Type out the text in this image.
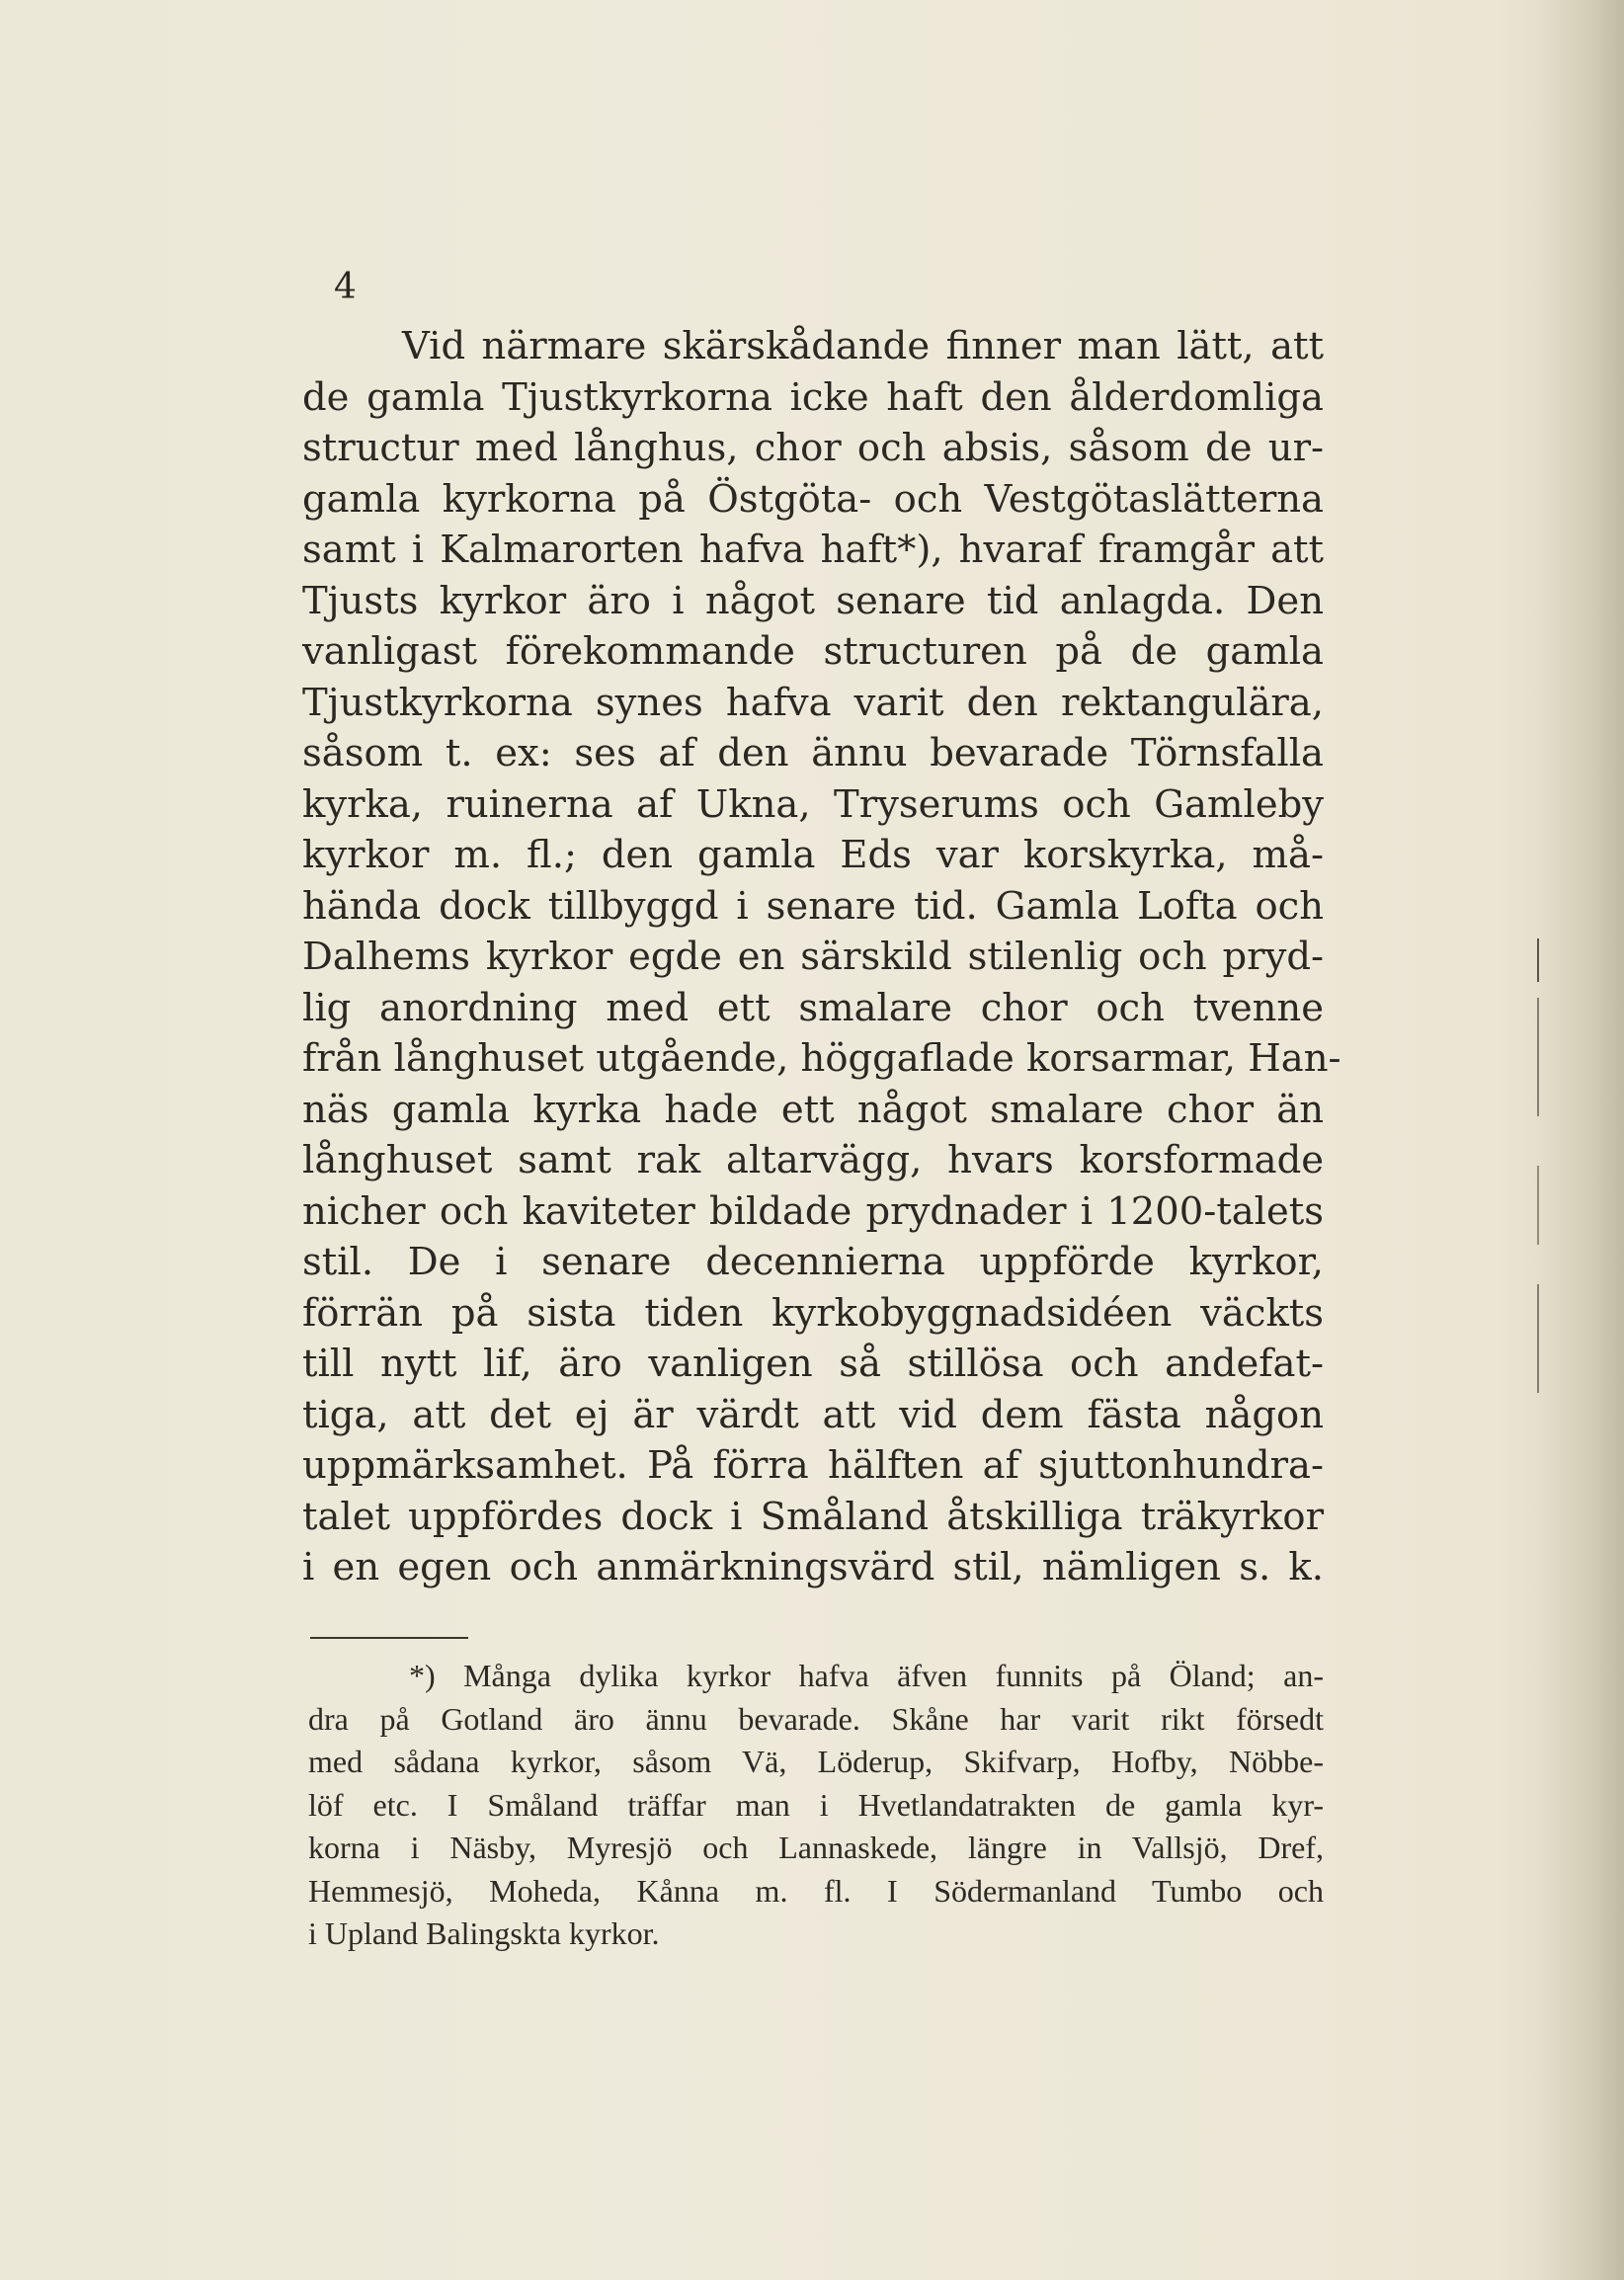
4
Vid närmare skärskådande finner man lätt, att
de gamla Tjustkyrkorna icke haft den ålderdomliga
structur med långhus, chor och absis, såsom de ur-
gamla kyrkorna på Östgöta- och Vestgötaslätterna
samt i Kalmarorten hafva haft*), hvaraf framgår att
Tjusts kyrkor äro i något senare tid anlagda. Den
vanligast förekommande structuren på de gamla
Tjustkyrkorna synes hafva varit den rektangulära,
såsom t. ex: ses af den ännu bevarade Törnsfalla
kyrka, ruinerna af Ukna, Tryserums och Gamleby
kyrkor m. fl.; den gamla Eds var korskyrka, må-
hända dock tillbyggd i senare tid. Gamla Lofta och
Dalhems kyrkor egde en särskild stilenlig och pryd-
lig anordning med ett smalare chor och tvenne
från långhuset utgående, höggaflade korsarmar, Han-
näs gamla kyrka hade ett något smalare chor än
långhuset samt rak altarvägg, hvars korsformade
nicher och kaviteter bildade prydnader i 1200-talets
stil. De i senare decennierna uppförde kyrkor,
förrän på sista tiden kyrkobyggnadsidéen väckts
till nytt lif, äro vanligen så stillösa och andefat-
tiga, att det ej är värdt att vid dem fästa någon
uppmärksamhet. På förra hälften af sjuttonhundra-
talet uppfördes dock i Småland åtskilliga träkyrkor
i en egen och anmärkningsvärd stil, nämligen s. k.
*) Många dylika kyrkor hafva äfven funnits på Öland; an-
dra på Gotland äro ännu bevarade. Skåne har varit rikt försedt
med sådana kyrkor, såsom Vä, Löderup, Skifvarp, Hofby, Nöbbe-
löf etc. I Småland träffar man i Hvetlandatrakten de gamla kyr-
korna i Näsby, Myresjö och Lannaskede, längre in Vallsjö, Dref,
Hemmesjö, Moheda, Kånna m. fl. I Södermanland Tumbo och
i Upland Balingskta kyrkor.
